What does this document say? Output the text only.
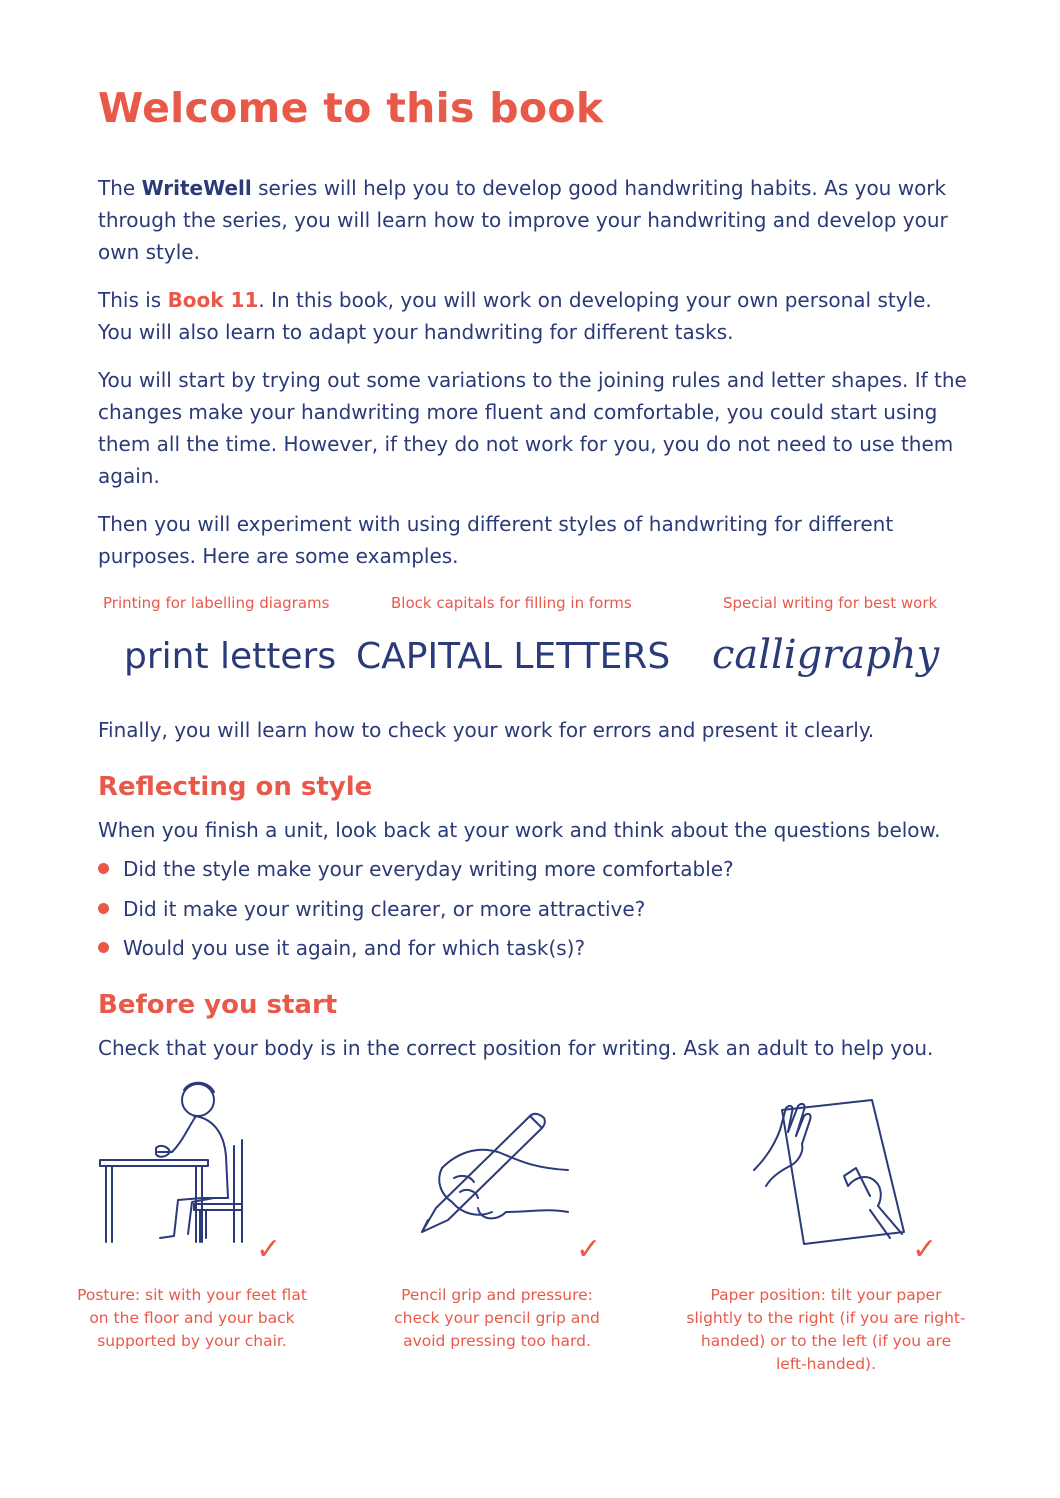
Welcome to this book

The WriteWell series will help you to develop good handwriting habits. As you work through the series, you will learn how to improve your handwriting and develop your own style.

This is Book 11. In this book, you will work on developing your own personal style. You will also learn to adapt your handwriting for different tasks.

You will start by trying out some variations to the joining rules and letter shapes. If the changes make your handwriting more fluent and comfortable, you could start using them all the time. However, if they do not work for you, you do not need to use them again.

Then you will experiment with using different styles of handwriting for different purposes. Here are some examples.

Printing for labelling diagrams	Block capitals for filling in forms	Special writing for best work

print letters CAPITAL LETTERS calligraphy

Finally, you will learn how to check your work for errors and present it clearly.

Reflecting on style

When you finish a unit, look back at your work and think about the questions below.

Did the style make your everyday writing more comfortable?

Did it make your writing clearer, or more attractive?

Would you use it again, and for which task(s)?

Before you start

Check that your body is in the correct position for writing. Ask an adult to help you.

✓	✓	✓

Posture: sit with your feet flat on the floor and your back supported by your chair.

Pencil grip and pressure: check your pencil grip and avoid pressing too hard.

Paper position: tilt your paper slightly to the right (if you are right-handed) or to the left (if you are left-handed).
